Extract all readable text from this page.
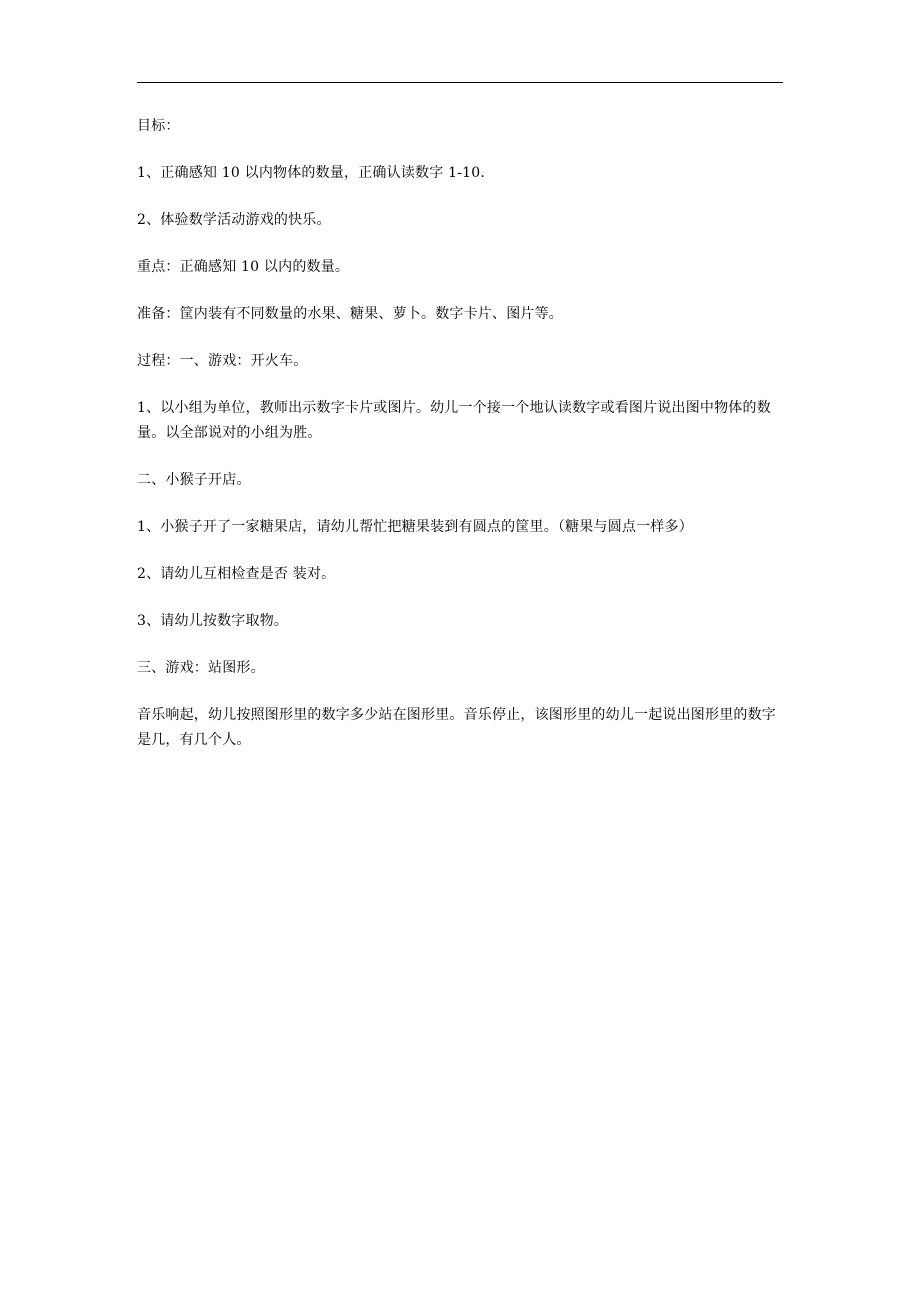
目标：

1、正确感知 10 以内物体的数量，正确认读数字 1-10.

2、体验数学活动游戏的快乐。

重点：正确感知 10 以内的数量。

准备：筐内装有不同数量的水果、糖果、萝卜。数字卡片、图片等。

过程：一、游戏：开火车。

1、以小组为单位，教师出示数字卡片或图片。幼儿一个接一个地认读数字或看图片说出图中物体的数量。以全部说对的小组为胜。

二、小猴子开店。

1、小猴子开了一家糖果店，请幼儿帮忙把糖果装到有圆点的筐里。（糖果与圆点一样多）

2、请幼儿互相检查是否 装对。

3、请幼儿按数字取物。

三、游戏：站图形。

音乐响起，幼儿按照图形里的数字多少站在图形里。音乐停止，该图形里的幼儿一起说出图形里的数字是几，有几个人。
